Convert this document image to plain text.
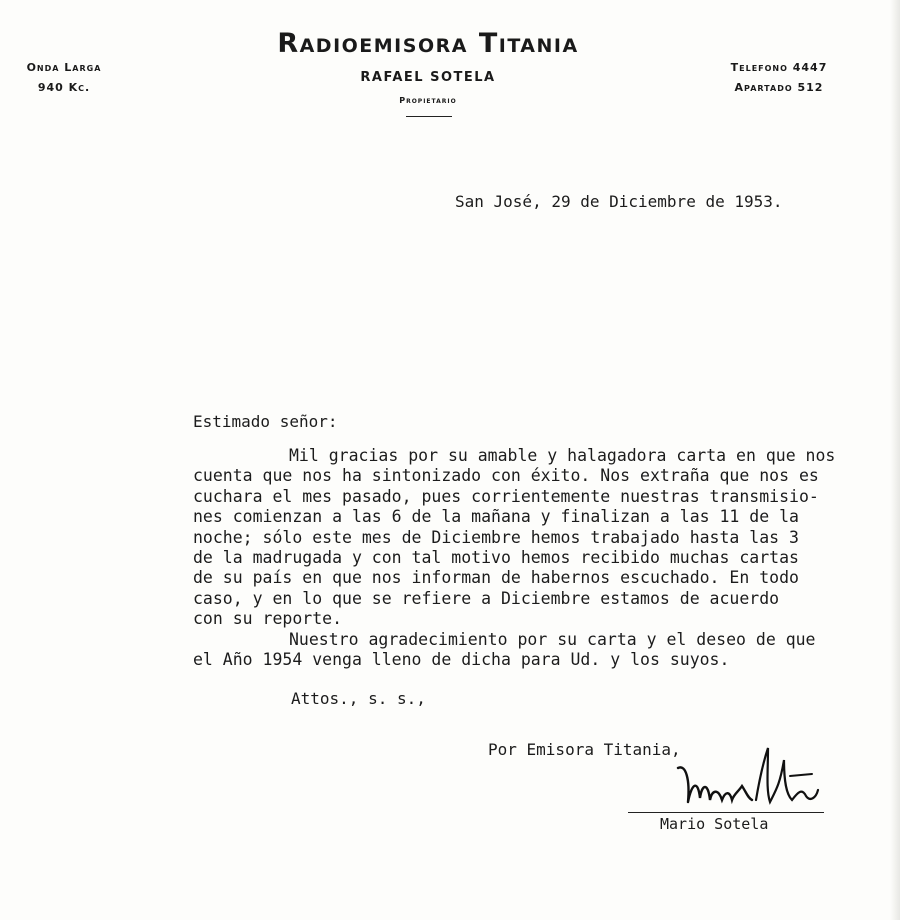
Onda Larga
940 Kc.
Radioemisora Titania
RAFAEL SOTELA
Propietario
Telefono 4447
Apartado 512
San José, 29 de Diciembre de 1953.
Estimado señor:
Mil gracias por su amable y halagadora carta en que nos
cuenta que nos ha sintonizado con éxito. Nos extraña que nos es
cuchara el mes pasado, pues corrientemente nuestras transmisio-
nes comienzan a las 6 de la mañana y finalizan a las 11 de la
noche; sólo este mes de Diciembre hemos trabajado hasta las 3
de la madrugada y con tal motivo hemos recibido muchas cartas
de su país en que nos informan de habernos escuchado. En todo
caso, y en lo que se refiere a Diciembre estamos de acuerdo
con su reporte.
Nuestro agradecimiento por su carta y el deseo de que
el Año 1954 venga lleno de dicha para Ud. y los suyos.
Attos., s. s.,
Por Emisora Titania,
Mario Sotela
